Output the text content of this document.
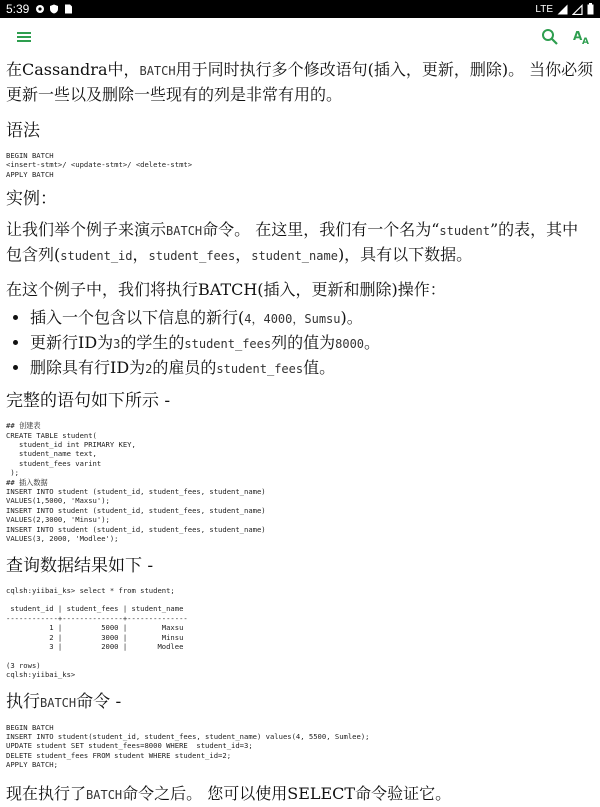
5:39	LTE
A A

在Cassandra中，BATCH用于同时执行多个修改语句(插入，更新，删除)。 当你必须更新一些以及删除一些现有的列是非常有用的。

语法
BEGIN BATCH
<insert-stmt>/ <update-stmt>/ <delete-stmt>
APPLY BATCH
实例：

让我们举个例子来演示BATCH命令。 在这里，我们有一个名为“student”的表，其中包含列(student_id，student_fees，student_name)，具有以下数据。

在这个例子中，我们将执行BATCH(插入，更新和删除)操作：

• 插入一个包含以下信息的新行(4，4000，Sumsu)。
• 更新行ID为3的学生的student_fees列的值为8000。
• 删除具有行ID为2的雇员的student_fees值。
完整的语句如下所示 -
## 创建表
CREATE TABLE student(
student_id int PRIMARY KEY,
student_name text,
student_fees varint
);
## 插入数据
INSERT INTO student (student_id, student_fees, student_name)
VALUES(1,5000, 'Maxsu');
INSERT INTO student (student_id, student_fees, student_name)
VALUES(2,3000, 'Minsu');
INSERT INTO student (student_id, student_fees, student_name)
VALUES(3, 2000, 'Modlee');
查询数据结果如下 -
cqlsh:yiibai_ks> select * from student;

student_id | student_fees | student_name
------------+--------------+--------------
1 |         5000 |        Maxsu
2 |         3000 |        Minsu
3 |         2000 |       Modlee

(3 rows)
cqlsh:yiibai_ks>
执行BATCH命令 -
BEGIN BATCH
INSERT INTO student(student_id, student_fees, student_name) values(4, 5500, Sumlee);
UPDATE student SET student_fees=8000 WHERE  student_id=3;
DELETE student_fees FROM student WHERE student_id=2;
APPLY BATCH;

现在执行了BATCH命令之后。 您可以使用SELECT命令验证它。
